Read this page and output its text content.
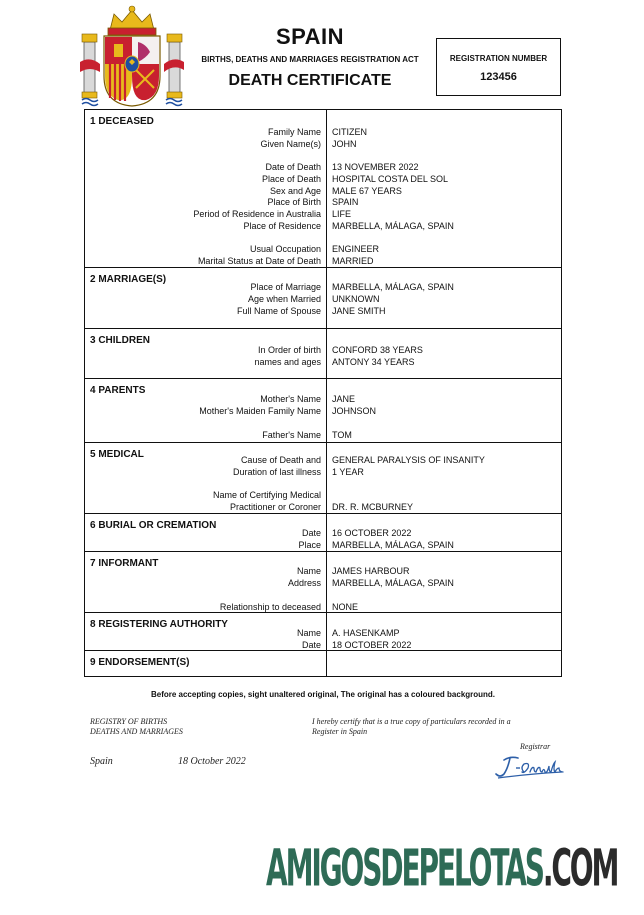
SPAIN
BIRTHS, DEATHS AND MARRIAGES REGISTRATION ACT
DEATH CERTIFICATE
REGISTRATION NUMBER
123456
1 DECEASED
Family Name CITIZEN
Given Name(s) JOHN
Date of Death 13 NOVEMBER 2022
Place of Death HOSPITAL COSTA DEL SOL
Sex and Age MALE 67 YEARS
Place of Birth SPAIN
Period of Residence in Australia LIFE
Place of Residence MARBELLA, MÁLAGA, SPAIN
Usual Occupation ENGINEER
Marital Status at Date of Death MARRIED
2 MARRIAGE(S)
Place of Marriage MARBELLA, MÁLAGA, SPAIN
Age when Married UNKNOWN
Full Name of Spouse JANE SMITH
3 CHILDREN
In Order of birth CONFORD 38 YEARS
names and ages ANTONY 34 YEARS
4 PARENTS
Mother's Name JANE
Mother's Maiden Family Name JOHNSON
Father's Name TOM
5 MEDICAL	Cause of Death and GENERAL PARALYSIS OF INSANITY
Duration of last illness 1 YEAR
Name of Certifying Medical
Practitioner or Coroner DR. R. MCBURNEY
6 BURIAL OR CREMATION
Date 16 OCTOBER 2022
Place MARBELLA, MÁLAGA, SPAIN
7 INFORMANT
Name JAMES HARBOUR
Address MARBELLA, MÁLAGA, SPAIN
Relationship to deceased NONE
8 REGISTERING AUTHORITY
Name A. HASENKAMP
Date 18 OCTOBER 2022
9 ENDORSEMENT(S)
Before accepting copies, sight unaltered original, The original has a coloured background.
REGISTRY OF BIRTHS
DEATHS AND MARRIAGES
I hereby certify that is a true copy of particulars recorded in a
Register in Spain
Registrar
Spain	18 October 2022
AMIGOSDEPELOTAS.COM
